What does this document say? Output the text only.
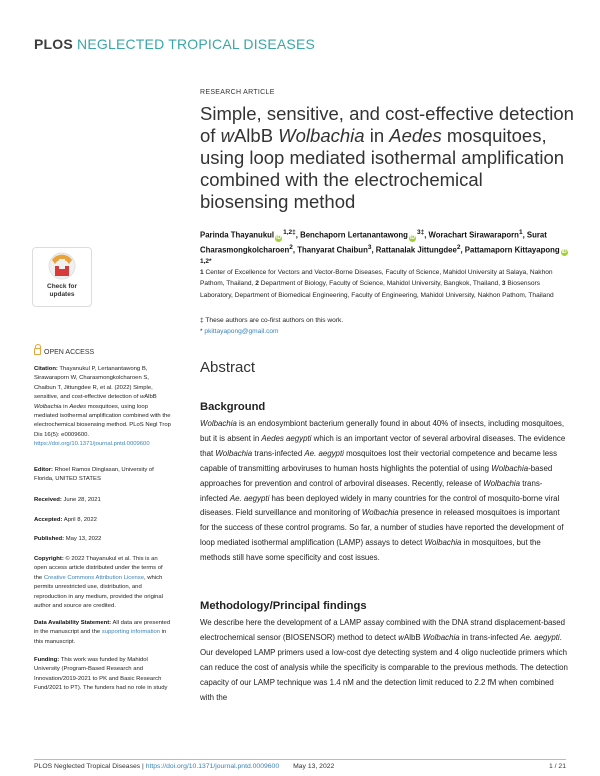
PLOS NEGLECTED TROPICAL DISEASES
Check for
updates
OPEN ACCESS
Citation: Thayanukul P, Lertanantawong B, Sirawaraporn W, Charasmongkolcharoen S, Chaibun T, Jittungdee R, et al. (2022) Simple, sensitive, and cost-effective detection of wAlbB Wolbachia in Aedes mosquitoes, using loop mediated isothermal amplification combined with the electrochemical biosensing method. PLoS Negl Trop Dis 16(5): e0009600. https://doi.org/10.1371/journal.pntd.0009600
Editor: Rhoel Ramos Dinglasan, University of Florida, UNITED STATES
Received: June 28, 2021
Accepted: April 8, 2022
Published: May 13, 2022
Copyright: © 2022 Thayanukul et al. This is an open access article distributed under the terms of the Creative Commons Attribution License, which permits unrestricted use, distribution, and reproduction in any medium, provided the original author and source are credited.
Data Availability Statement: All data are presented in the manuscript and the supporting information in this manuscript.
Funding: This work was funded by Mahidol University (Program-Based Research and Innovation/2019-2021 to PK and Basic Research Fund/2021 to PT). The funders had no role in study
RESEARCH ARTICLE
Simple, sensitive, and cost-effective detection of wAlbB Wolbachia in Aedes mosquitoes, using loop mediated isothermal amplification combined with the electrochemical biosensing method
Parinda Thayanukul iD
$^{1,2\ddagger}$, Benchaporn Lertanantawong iD
$^{3\ddagger}$, Worachart Sirawaraporn$^1$, Surat Charasmongkolcharoen$^2$, Thanyarat Chaibun$^3$, Rattanalak Jittungdee$^2$, Pattamaporn Kittayapong iD
$^{1,2*}$
1 Center of Excellence for Vectors and Vector-Borne Diseases, Faculty of Science, Mahidol University at Salaya, Nakhon Pathom, Thailand, 2 Department of Biology, Faculty of Science, Mahidol University, Bangkok, Thailand, 3 Biosensors Laboratory, Department of Biomedical Engineering, Faculty of Engineering, Mahidol University, Nakhon Pathom, Thailand
‡ These authors are co-first authors on this work.
* pkittayapong@gmail.com
Abstract
Background
Wolbachia is an endosymbiont bacterium generally found in about 40% of insects, including mosquitoes, but it is absent in Aedes aegypti which is an important vector of several arboviral diseases. The evidence that Wolbachia trans-infected Ae. aegypti mosquitoes lost their vectorial competence and became less capable of transmitting arboviruses to human hosts highlights the potential of using Wolbachia-based approaches for prevention and control of arboviral diseases. Recently, release of Wolbachia trans-infected Ae. aegypti has been deployed widely in many countries for the control of mosquito-borne viral diseases. Field surveillance and monitoring of Wolbachia presence in released mosquitoes is important for the success of these control programs. So far, a number of studies have reported the development of loop mediated isothermal amplification (LAMP) assays to detect Wolbachia in mosquitoes, but the methods still have some specificity and cost issues.
Methodology/Principal findings
We describe here the development of a LAMP assay combined with the DNA strand displacement-based electrochemical sensor (BIOSENSOR) method to detect wAlbB Wolbachia in trans-infected Ae. aegypti. Our developed LAMP primers used a low-cost dye detecting system and 4 oligo nucleotide primers which can reduce the cost of analysis while the specificity is comparable to the previous methods. The detection capacity of our LAMP technique was 1.4 nM and the detection limit reduced to 2.2 fM when combined with the
PLOS Neglected Tropical Diseases | https://doi.org/10.1371/journal.pntd.0009600 May 13, 2022	1 / 21
